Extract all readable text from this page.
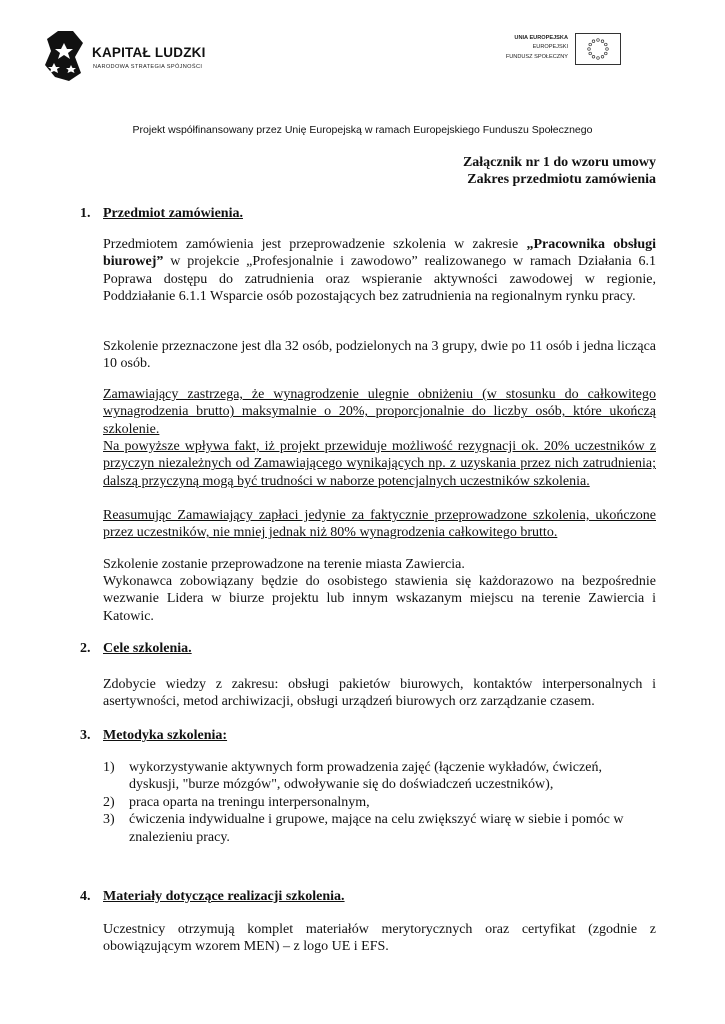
KAPITAŁ LUDZKI
NARODOWA STRATEGIA SPÓJNOŚCI
UNIA EUROPEJSKA
EUROPEJSKI
FUNDUSZ SPOŁECZNY
Projekt współfinansowany przez Unię Europejską w ramach Europejskiego Funduszu Społecznego
Załącznik nr 1 do wzoru umowy
Zakres przedmiotu zamówienia
1. Przedmiot zamówienia.
Przedmiotem zamówienia jest przeprowadzenie szkolenia w zakresie „Pracownika obsługi biurowej” w projekcie „Profesjonalnie i zawodowo” realizowanego w ramach Działania 6.1 Poprawa dostępu do zatrudnienia oraz wspieranie aktywności zawodowej w regionie, Poddziałanie 6.1.1 Wsparcie osób pozostających bez zatrudnienia na regionalnym rynku pracy.
Szkolenie przeznaczone jest dla 32 osób, podzielonych na 3 grupy, dwie po 11 osób i jedna licząca 10 osób.
Zamawiający zastrzega, że wynagrodzenie ulegnie obniżeniu (w stosunku do całkowitego wynagrodzenia brutto) maksymalnie o 20%, proporcjonalnie do liczby osób, które ukończą szkolenie.
Na powyższe wpływa fakt, iż projekt przewiduje możliwość rezygnacji ok. 20% uczestników z przyczyn niezależnych od Zamawiającego wynikających np. z uzyskania przez nich zatrudnienia; dalszą przyczyną mogą być trudności w naborze potencjalnych uczestników szkolenia.
Reasumując Zamawiający zapłaci jedynie za faktycznie przeprowadzone szkolenia, ukończone przez uczestników, nie mniej jednak niż 80% wynagrodzenia całkowitego brutto.
Szkolenie zostanie przeprowadzone na terenie miasta Zawiercia.
Wykonawca zobowiązany będzie do osobistego stawienia się każdorazowo na bezpośrednie wezwanie Lidera w biurze projektu lub innym wskazanym miejscu na terenie Zawiercia i Katowic.
2. Cele szkolenia.
Zdobycie wiedzy z zakresu: obsługi pakietów biurowych, kontaktów interpersonalnych i asertywności, metod archiwizacji, obsługi urządzeń biurowych orz zarządzanie czasem.
3. Metodyka szkolenia:
1) wykorzystywanie aktywnych form prowadzenia zajęć (łączenie wykładów, ćwiczeń, dyskusji, "burze mózgów", odwoływanie się do doświadczeń uczestników),
2) praca oparta na treningu interpersonalnym,
3) ćwiczenia indywidualne i grupowe, mające na celu zwiększyć wiarę w siebie i pomóc w znalezieniu pracy.
4. Materiały dotyczące realizacji szkolenia.
Uczestnicy otrzymują komplet materiałów merytorycznych oraz certyfikat (zgodnie z obowiązującym wzorem MEN) – z logo UE i EFS.
